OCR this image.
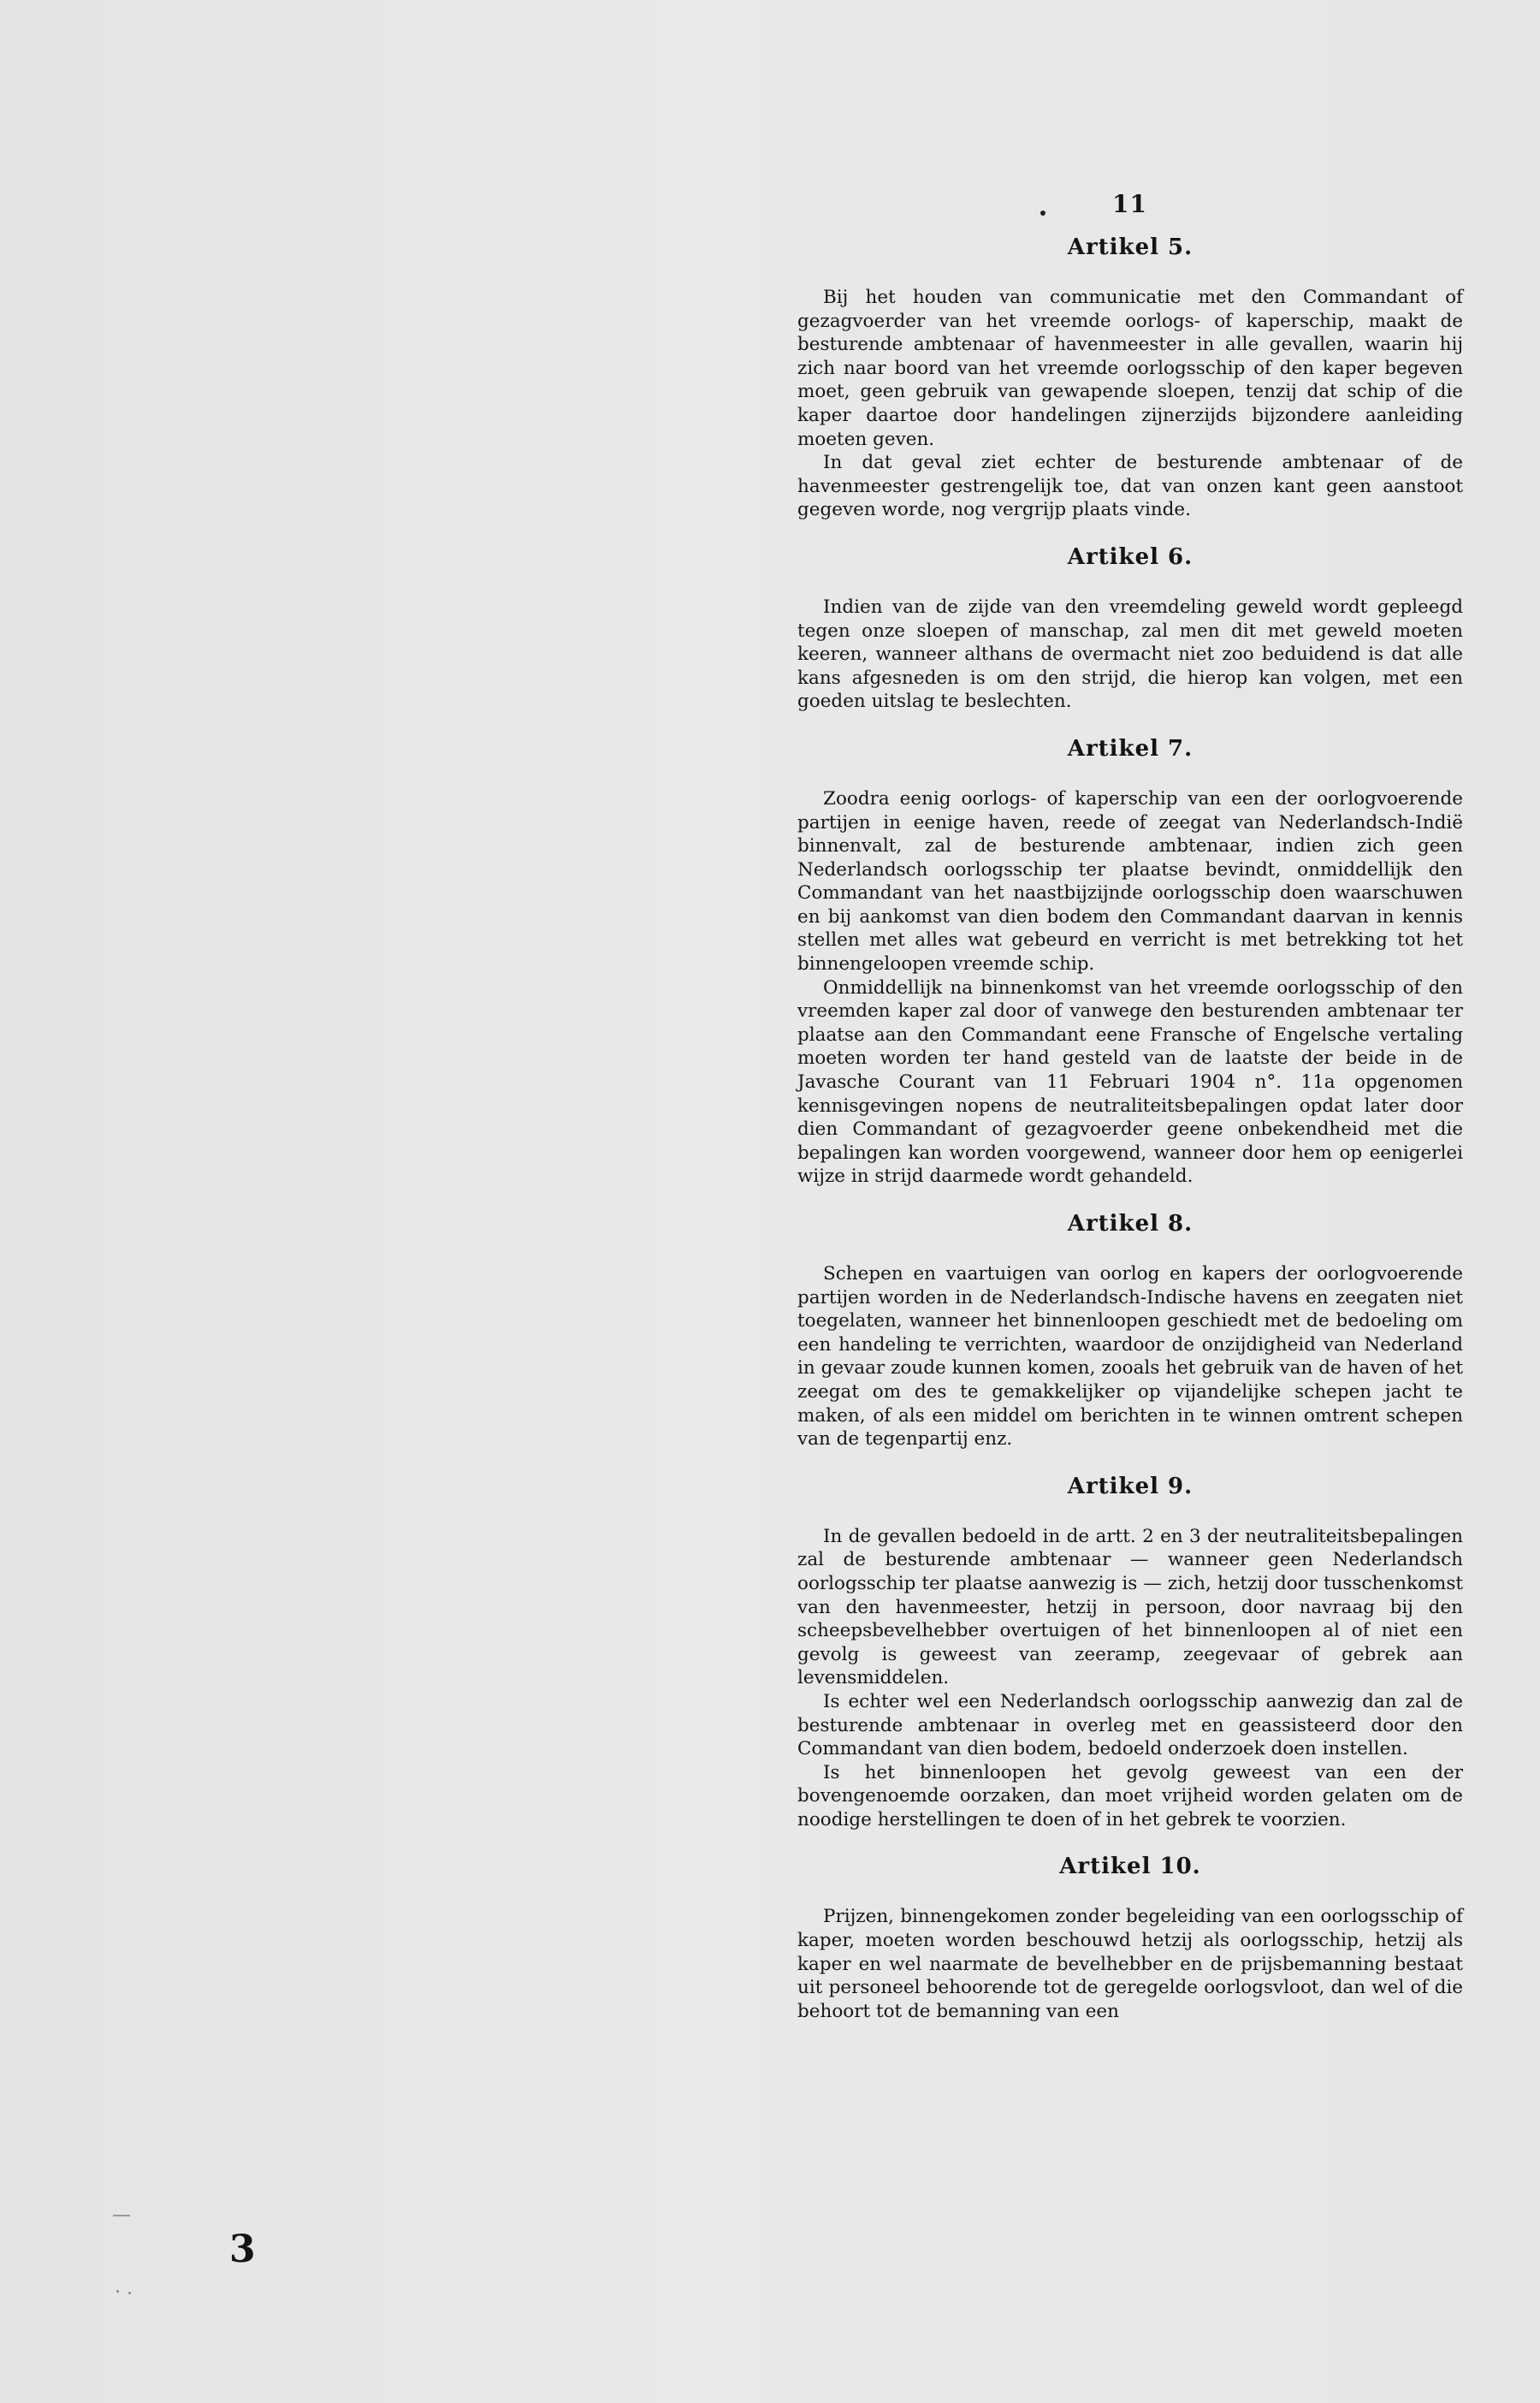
11
Artikel 5.

Bij het houden van communicatie met den Commandant of gezagvoerder van het vreemde oorlogs- of kaperschip, maakt de besturende ambtenaar of havenmeester in alle gevallen, waarin hij zich naar boord van het vreemde oorlogsschip of den kaper begeven moet, geen gebruik van gewapende sloepen, tenzij dat schip of die kaper daartoe door handelingen zijnerzijds bijzondere aanleiding moeten geven.

In dat geval ziet echter de besturende ambtenaar of de havenmeester gestrengelijk toe, dat van onzen kant geen aanstoot gegeven worde, nog vergrijp plaats vinde.

Artikel 6.

Indien van de zijde van den vreemdeling geweld wordt gepleegd tegen onze sloepen of manschap, zal men dit met geweld moeten keeren, wanneer althans de overmacht niet zoo beduidend is dat alle kans afgesneden is om den strijd, die hierop kan volgen, met een goeden uitslag te beslechten.

Artikel 7.

Zoodra eenig oorlogs- of kaperschip van een der oorlogvoerende partijen in eenige haven, reede of zeegat van Nederlandsch-Indië binnenvalt, zal de besturende ambtenaar, indien zich geen Nederlandsch oorlogsschip ter plaatse bevindt, onmiddellijk den Commandant van het naastbijzijnde oorlogsschip doen waarschuwen en bij aankomst van dien bodem den Commandant daarvan in kennis stellen met alles wat gebeurd en verricht is met betrekking tot het binnengeloopen vreemde schip.

Onmiddellijk na binnenkomst van het vreemde oorlogsschip of den vreemden kaper zal door of vanwege den besturenden ambtenaar ter plaatse aan den Commandant eene Fransche of Engelsche vertaling moeten worden ter hand gesteld van de laatste der beide in de Javasche Courant van 11 Februari 1904 n°. 11a opgenomen kennisgevingen nopens de neutraliteitsbepalingen opdat later door dien Commandant of gezagvoerder geene onbekendheid met die bepalingen kan worden voorgewend, wanneer door hem op eenigerlei wijze in strijd daarmede wordt gehandeld.

Artikel 8.

Schepen en vaartuigen van oorlog en kapers der oorlogvoerende partijen worden in de Nederlandsch-Indische havens en zeegaten niet toegelaten, wanneer het binnenloopen geschiedt met de bedoeling om een handeling te verrichten, waardoor de onzijdigheid van Nederland in gevaar zoude kunnen komen, zooals het gebruik van de haven of het zeegat om des te gemakkelijker op vijandelijke schepen jacht te maken, of als een middel om berichten in te winnen omtrent schepen van de tegenpartij enz.

Artikel 9.

In de gevallen bedoeld in de artt. 2 en 3 der neutraliteitsbepalingen zal de besturende ambtenaar — wanneer geen Nederlandsch oorlogsschip ter plaatse aanwezig is — zich, hetzij door tusschenkomst van den havenmeester, hetzij in persoon, door navraag bij den scheepsbevelhebber overtuigen of het binnenloopen al of niet een gevolg is geweest van zeeramp, zeegevaar of gebrek aan levensmiddelen.

Is echter wel een Nederlandsch oorlogsschip aanwezig dan zal de besturende ambtenaar in overleg met en geassisteerd door den Commandant van dien bodem, bedoeld onderzoek doen instellen.

Is het binnenloopen het gevolg geweest van een der bovengenoemde oorzaken, dan moet vrijheid worden gelaten om de noodige herstellingen te doen of in het gebrek te voorzien.

Artikel 10.

Prijzen, binnengekomen zonder begeleiding van een oorlogsschip of kaper, moeten worden beschouwd hetzij als oorlogsschip, hetzij als kaper en wel naarmate de bevelhebber en de prijsbemanning bestaat uit personeel behoorende tot de geregelde oorlogsvloot, dan wel of die behoort tot de bemanning van een

3
